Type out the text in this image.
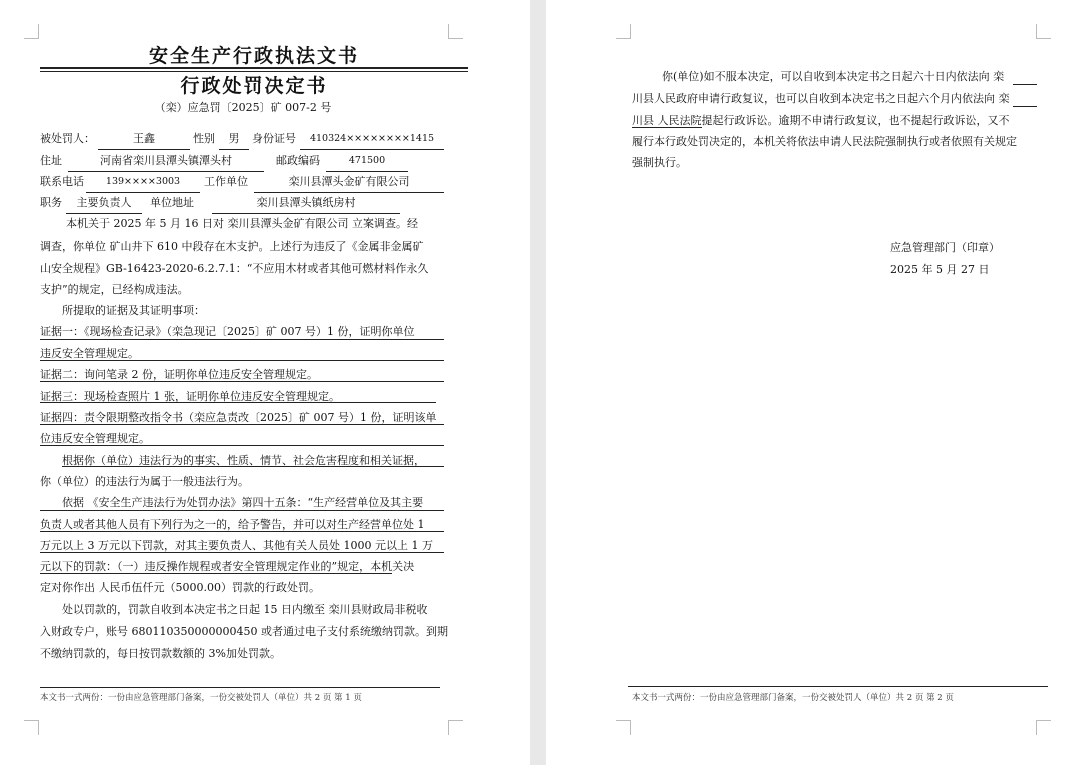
安全生产行政执法文书
行政处罚决定书
（栾）应急罚〔2025〕矿 007-2 号
被处罚人：	王鑫	性别	男	身份证号	410324××××××××1415
住址	河南省栾川县潭头镇潭头村	邮政编码	471500
联系电话	139××××3003	工作单位	栾川县潭头金矿有限公司
职务	主要负责人	单位地址	栾川县潭头镇纸房村
本机关于 2025 年 5 月 16 日对 栾川县潭头金矿有限公司 立案调查。经
调查，你单位 矿山井下 610 中段存在木支护。上述行为违反了《金属非金属矿
山安全规程》GB-16423-2020-6.2.7.1：“不应用木材或者其他可燃材料作永久
支护”的规定，已经构成违法。
所提取的证据及其证明事项：
证据一：《现场检查记录》（栾急现记〔2025〕矿 007 号）1 份，证明你单位
违反安全管理规定。
证据二：询问笔录 2 份，证明你单位违反安全管理规定。
证据三：现场检查照片 1 张，证明你单位违反安全管理规定。
证据四：责令限期整改指令书（栾应急责改〔2025〕矿 007 号）1 份，证明该单
位违反安全管理规定。
根据你（单位）违法行为的事实、性质、情节、社会危害程度和相关证据，
你（单位）的违法行为属于一般违法行为。
依据 《安全生产违法行为处罚办法》第四十五条：“生产经营单位及其主要
负责人或者其他人员有下列行为之一的，给予警告，并可以对生产经营单位处 1
万元以上 3 万元以下罚款，对其主要负责人、其他有关人员处 1000 元以上 1 万
元以下的罚款：（一）违反操作规程或者安全管理规定作业的”规定，本机关决
定对你作出 人民币伍仟元（5000.00）罚款的行政处罚。
处以罚款的，罚款自收到本决定书之日起 15 日内缴至 栾川县财政局非税收
入财政专户，账号 680110350000000450 或者通过电子支付系统缴纳罚款。到期
不缴纳罚款的，每日按罚款数额的 3%加处罚款。
本文书一式两份：一份由应急管理部门备案，一份交被处罚人（单位）共 2 页 第 1 页
你(单位)如不服本决定，可以自收到本决定书之日起六十日内依法向 栾
川县人民政府申请行政复议，也可以自收到本决定书之日起六个月内依法向 栾
川县 人民法院提起行政诉讼。逾期不申请行政复议，也不提起行政诉讼，又不
履行本行政处罚决定的，本机关将依法申请人民法院强制执行或者依照有关规定
强制执行。
应急管理部门（印章）
2025 年 5 月 27 日
本文书一式两份：一份由应急管理部门备案，一份交被处罚人（单位）共 2 页 第 2 页
